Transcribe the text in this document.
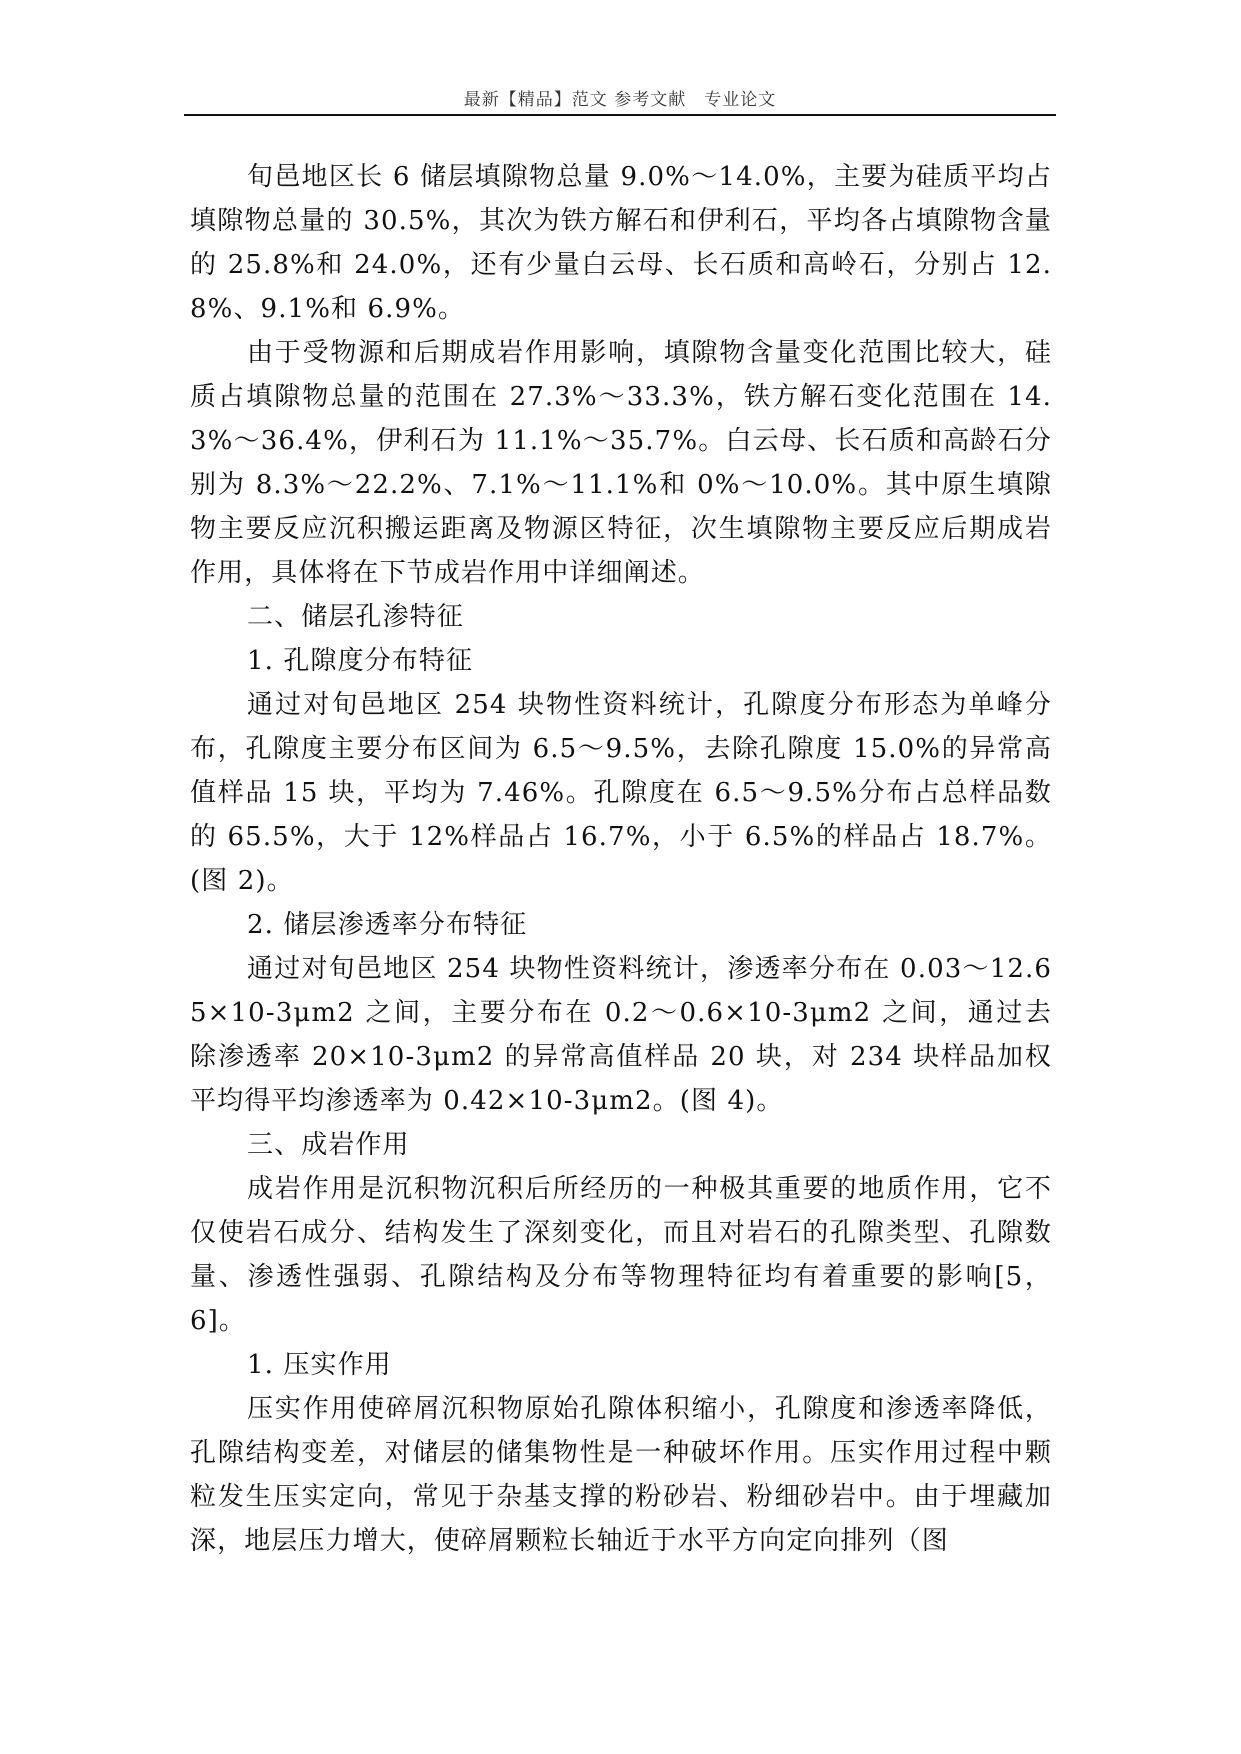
最新【精品】范文 参考文献　专业论文

旬邑地区长 6 储层填隙物总量 9.0%～14.0%，主要为硅质平均占填隙物总量的 30.5%，其次为铁方解石和伊利石，平均各占填隙物含量的 25.8%和 24.0%，还有少量白云母、长石质和高岭石，分别占 12.8%、9.1%和 6.9%。

由于受物源和后期成岩作用影响，填隙物含量变化范围比较大，硅质占填隙物总量的范围在 27.3%～33.3%，铁方解石变化范围在 14.3%～36.4%，伊利石为 11.1%～35.7%。白云母、长石质和高龄石分别为 8.3%～22.2%、7.1%～11.1%和 0%～10.0%。其中原生填隙物主要反应沉积搬运距离及物源区特征，次生填隙物主要反应后期成岩作用，具体将在下节成岩作用中详细阐述。

二、储层孔渗特征

1. 孔隙度分布特征

通过对旬邑地区 254 块物性资料统计，孔隙度分布形态为单峰分布，孔隙度主要分布区间为 6.5～9.5%，去除孔隙度 15.0%的异常高值样品 15 块，平均为 7.46%。孔隙度在 6.5～9.5%分布占总样品数的 65.5%，大于 12%样品占 16.7%，小于 6.5%的样品占 18.7%。(图 2)。

2. 储层渗透率分布特征

通过对旬邑地区 254 块物性资料统计，渗透率分布在 0.03～12.65×10-3μm2 之间，主要分布在 0.2～0.6×10-3μm2 之间，通过去除渗透率 20×10-3μm2 的异常高值样品 20 块，对 234 块样品加权平均得平均渗透率为 0.42×10-3μm2。(图 4)。

三、成岩作用

成岩作用是沉积物沉积后所经历的一种极其重要的地质作用，它不仅使岩石成分、结构发生了深刻变化，而且对岩石的孔隙类型、孔隙数量、渗透性强弱、孔隙结构及分布等物理特征均有着重要的影响[5，6]。

1. 压实作用

压实作用使碎屑沉积物原始孔隙体积缩小，孔隙度和渗透率降低，孔隙结构变差，对储层的储集物性是一种破坏作用。压实作用过程中颗粒发生压实定向，常见于杂基支撑的粉砂岩、粉细砂岩中。由于埋藏加深，地层压力增大，使碎屑颗粒长轴近于水平方向定向排列（图
